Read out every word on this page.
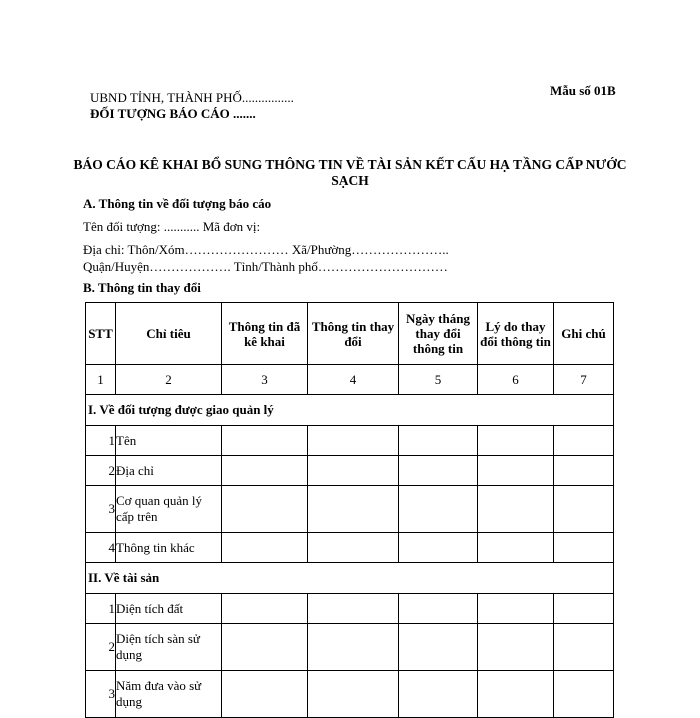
Mẫu số 01B
UBND TỈNH, THÀNH PHỐ................
ĐỐI TƯỢNG BÁO CÁO .......
BÁO CÁO KÊ KHAI BỔ SUNG THÔNG TIN VỀ TÀI SẢN KẾT CẤU HẠ TẦNG CẤP NƯỚC SẠCH
A. Thông tin về đối tượng báo cáo
Tên đối tượng: ........... Mã đơn vị:
Địa chỉ: Thôn/Xóm…………………… Xã/Phường…………………..
Quận/Huyện………………. Tỉnh/Thành phố…………………………
B. Thông tin thay đổi
STT	Chỉ tiêu	Thông tin đã kê khai	Thông tin thay đổi	Ngày tháng thay đổi thông tin	Lý do thay đổi thông tin	Ghi chú
1	2	3	4	5	6	7
I. Về đối tượng được giao quản lý						
1	Tên					
2	Địa chỉ					
3	Cơ quan quản lý cấp trên					
4	Thông tin khác					
II. Về tài sản						
1	Diện tích đất					
2	Diện tích sàn sử dụng					
3	Năm đưa vào sử dụng					
